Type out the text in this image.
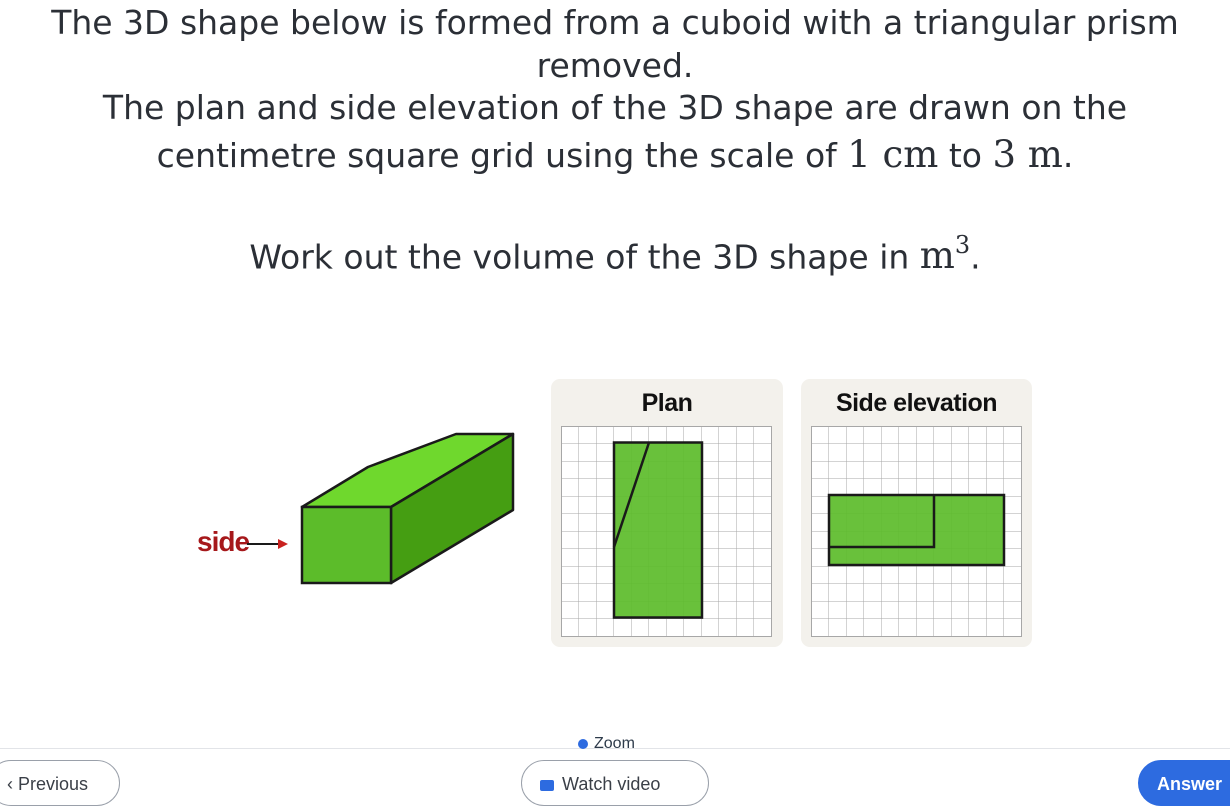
The 3D shape below is formed from a cuboid with a triangular prism
removed.
The plan and side elevation of the 3D shape are drawn on the
centimetre square grid using the scale of 1 cm to 3 m.
Work out the volume of the 3D shape in $m^3$.
side
Plan	Side elevation
Zoom
‹ Previous	Watch video	Answer
